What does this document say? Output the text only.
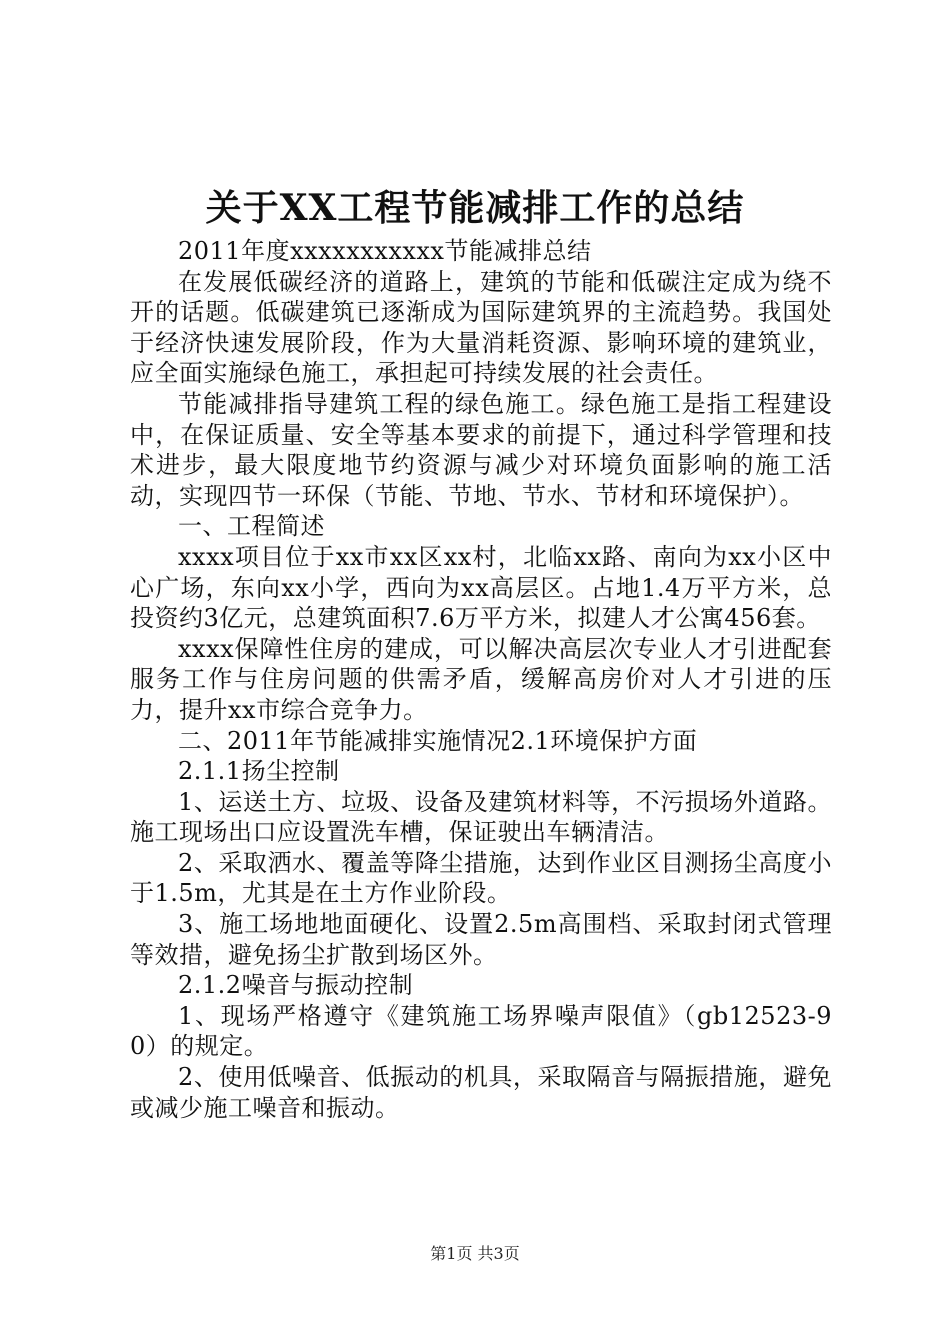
关于XX工程节能减排工作的总结

2011年度xxxxxxxxxxx节能减排总结

在发展低碳经济的道路上，建筑的节能和低碳注定成为绕不开的话题。低碳建筑已逐渐成为国际建筑界的主流趋势。我国处于经济快速发展阶段，作为大量消耗资源、影响环境的建筑业，应全面实施绿色施工，承担起可持续发展的社会责任。

节能减排指导建筑工程的绿色施工。绿色施工是指工程建设中，在保证质量、安全等基本要求的前提下，通过科学管理和技术进步，最大限度地节约资源与减少对环境负面影响的施工活动，实现四节一环保（节能、节地、节水、节材和环境保护）。

一、工程简述

xxxx项目位于xx市xx区xx村，北临xx路、南向为xx小区中心广场，东向xx小学，西向为xx高层区。占地1.4万平方米，总投资约3亿元，总建筑面积7.6万平方米，拟建人才公寓456套。

xxxx保障性住房的建成，可以解决高层次专业人才引进配套服务工作与住房问题的供需矛盾，缓解高房价对人才引进的压力，提升xx市综合竞争力。

二、2011年节能减排实施情况2.1环境保护方面

2.1.1扬尘控制

1、运送土方、垃圾、设备及建筑材料等，不污损场外道路。施工现场出口应设置洗车槽，保证驶出车辆清洁。

2、采取洒水、覆盖等降尘措施，达到作业区目测扬尘高度小于1.5m，尤其是在土方作业阶段。

3、施工场地地面硬化、设置2.5m高围档、采取封闭式管理等效措，避免扬尘扩散到场区外。

2.1.2噪音与振动控制

1、现场严格遵守《建筑施工场界噪声限值》（gb12523-90）的规定。

2、使用低噪音、低振动的机具，采取隔音与隔振措施，避免或减少施工噪音和振动。

第1页 共3页
